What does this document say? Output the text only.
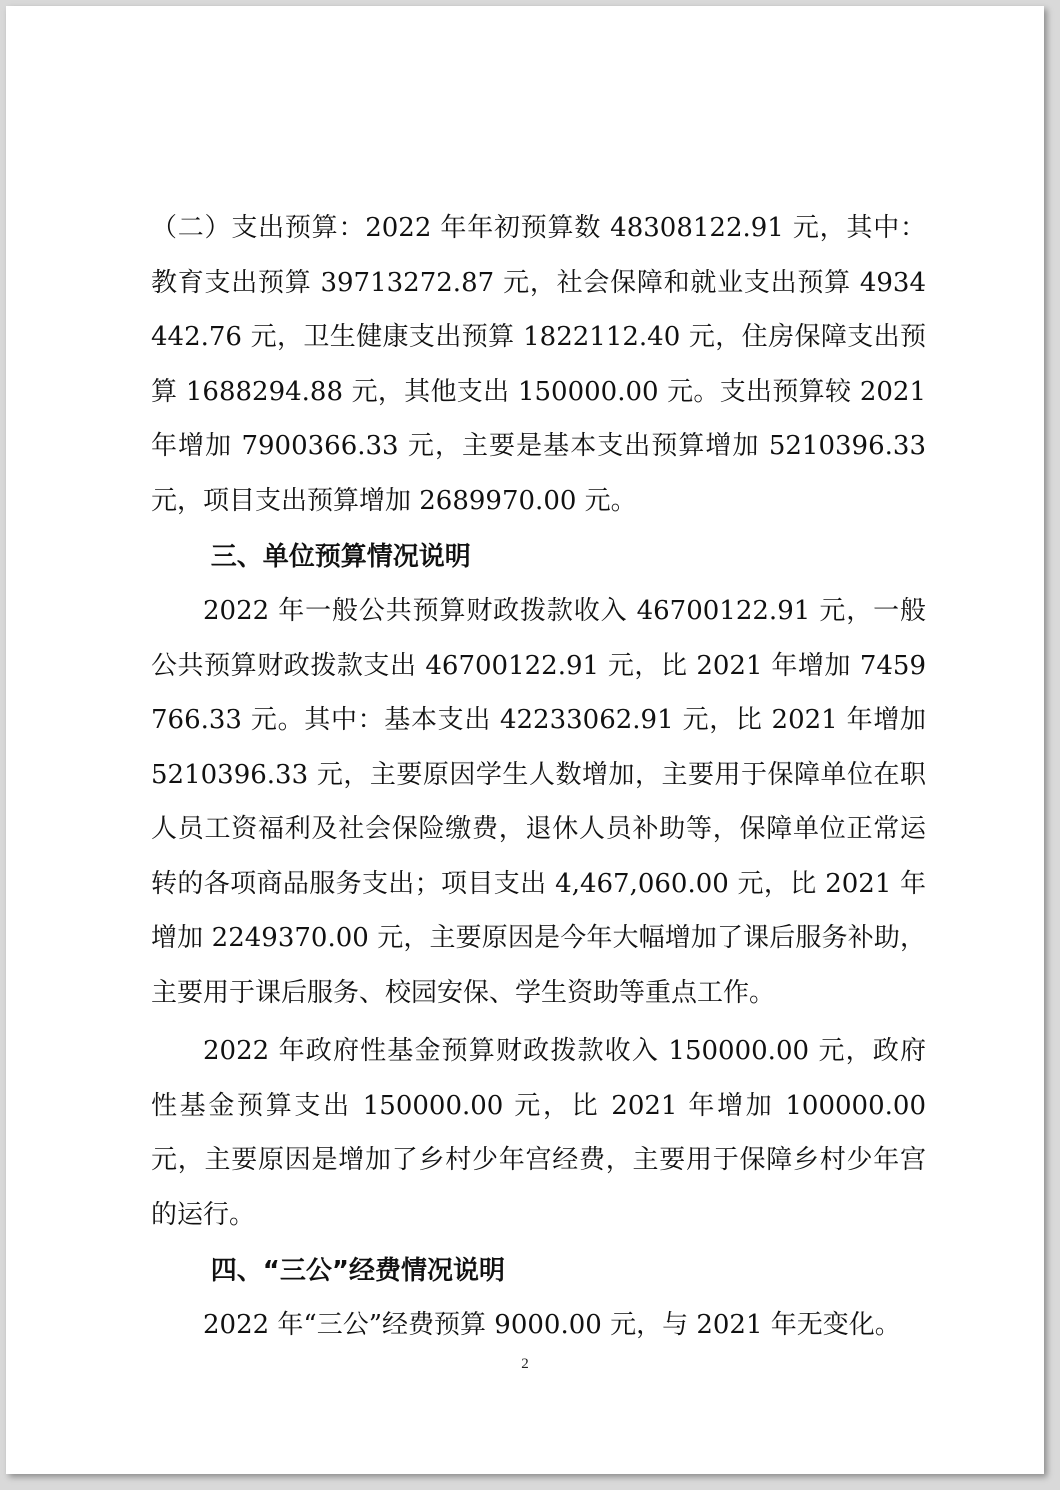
（二）支出预算：2022 年年初预算数 48308122.91 元，其中：教育支出预算 39713272.87 元，社会保障和就业支出预算 4934442.76 元，卫生健康支出预算 1822112.40 元，住房保障支出预算 1688294.88 元，其他支出 150000.00 元。支出预算较 2021 年增加 7900366.33 元，主要是基本支出预算增加 5210396.33 元，项目支出预算增加 2689970.00 元。

三、单位预算情况说明

2022 年一般公共预算财政拨款收入 46700122.91 元，一般公共预算财政拨款支出 46700122.91 元，比 2021 年增加 7459766.33 元。其中：基本支出 42233062.91 元，比 2021 年增加 5210396.33 元，主要原因学生人数增加，主要用于保障单位在职人员工资福利及社会保险缴费，退休人员补助等，保障单位正常运转的各项商品服务支出；项目支出 4,467,060.00 元，比 2021 年增加 2249370.00 元，主要原因是今年大幅增加了课后服务补助，主要用于课后服务、校园安保、学生资助等重点工作。

2022 年政府性基金预算财政拨款收入 150000.00 元，政府性基金预算支出 150000.00 元，比 2021 年增加 100000.00 元，主要原因是增加了乡村少年宫经费，主要用于保障乡村少年宫的运行。

四、“三公”经费情况说明

2022 年“三公”经费预算 9000.00 元，与 2021 年无变化。

2
